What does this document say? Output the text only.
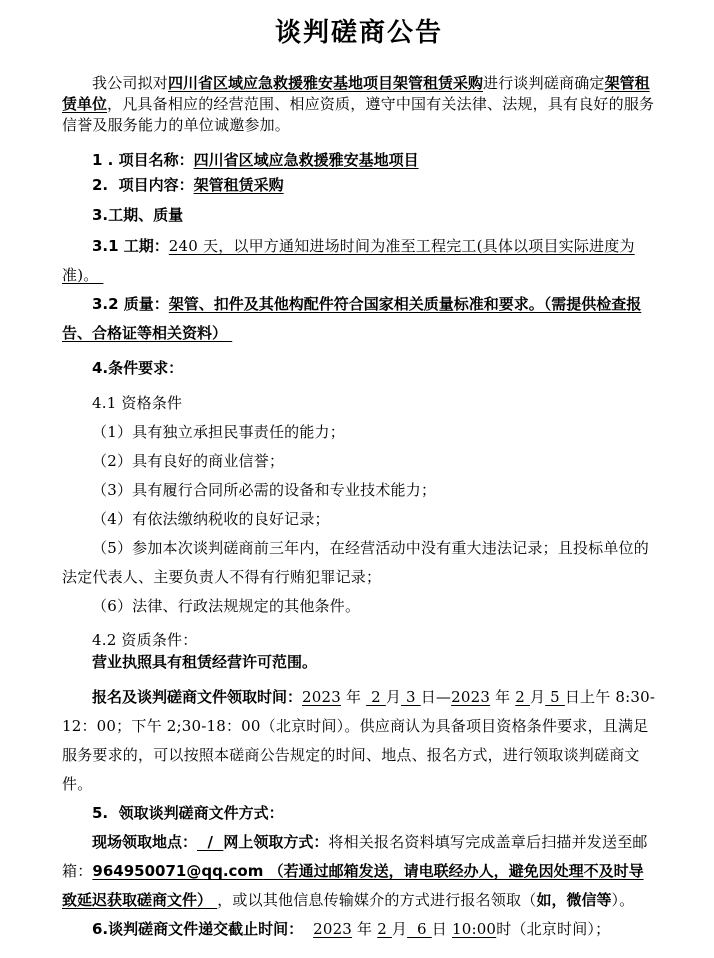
谈判磋商公告

我公司拟对四川省区域应急救援雅安基地项目架管租赁采购进行谈判磋商确定架管租赁单位，凡具备相应的经营范围、相应资质，遵守中国有关法律、法规，具有良好的服务信誉及服务能力的单位诚邀参加。

1 . 项目名称：四川省区域应急救援雅安基地项目

2.  项目内容：架管租赁采购

3.工期、质量

3.1 工期：240 天，以甲方通知进场时间为准至工程完工(具体以项目实际进度为准)。

3.2 质量：架管、扣件及其他构配件符合国家相关质量标准和要求。（需提供检查报告、合格证等相关资料）

4.条件要求：

4.1 资格条件

（1）具有独立承担民事责任的能力；

（2）具有良好的商业信誉；

（3）具有履行合同所必需的设备和专业技术能力；

（4）有依法缴纳税收的良好记录；

（5）参加本次谈判磋商前三年内，在经营活动中没有重大违法记录；且投标单位的法定代表人、主要负责人不得有行贿犯罪记录；

（6）法律、行政法规规定的其他条件。

4.2 资质条件：

营业执照具有租赁经营许可范围。

报名及谈判磋商文件领取时间：2023 年  2 月 3 日—2023 年 2 月 5 日上午 8:30-12：00；下午 2;30-18：00（北京时间）。供应商认为具备项目资格条件要求，且满足服务要求的，可以按照本磋商公告规定的时间、地点、报名方式，进行领取谈判磋商文件。

5.  领取谈判磋商文件方式：

现场领取地点：  /  网上领取方式：将相关报名资料填写完成盖章后扫描并发送至邮箱：964950071@qq.com （若通过邮箱发送，请电联经办人，避免因处理不及时导致延迟获取磋商文件） ，或以其他信息传输媒介的方式进行报名领取（如，微信等）。

6.谈判磋商文件递交截止时间： 2023 年 2 月  6 日 10:00时（北京时间）；
